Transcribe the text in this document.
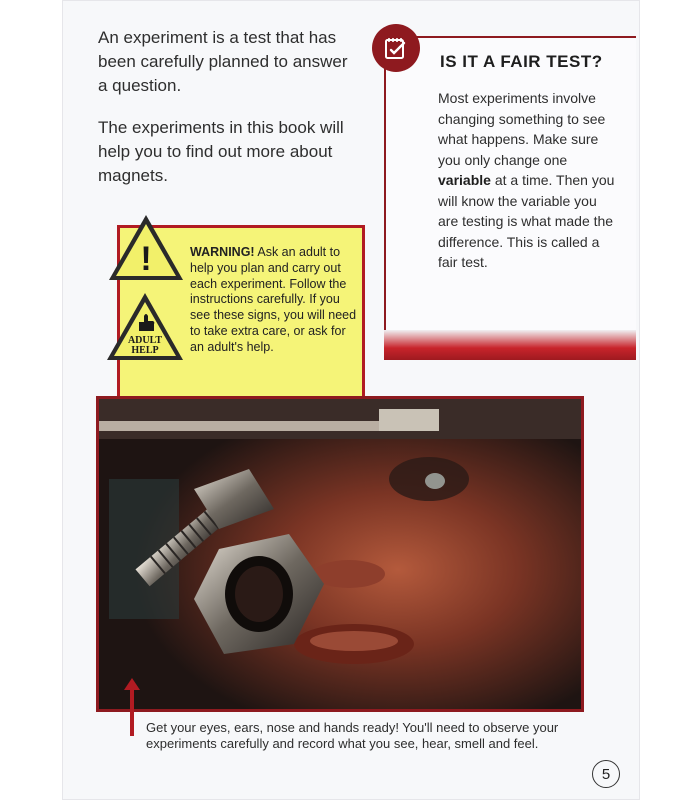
An experiment is a test that has been carefully planned to answer a question.

The experiments in this book will help you to find out more about magnets.

IS IT A FAIR TEST?

Most experiments involve changing something to see what happens. Make sure you only change one variable at a time. Then you will know the variable you are testing is what made the difference. This is called a fair test.

!
ADULT
HELP

WARNING! Ask an adult to help you plan and carry out each experiment. Follow the instructions carefully. If you see these signs, you will need to take extra care, or ask for an adult's help.

Get your eyes, ears, nose and hands ready! You'll need to observe your experiments carefully and record what you see, hear, smell and feel.

5
